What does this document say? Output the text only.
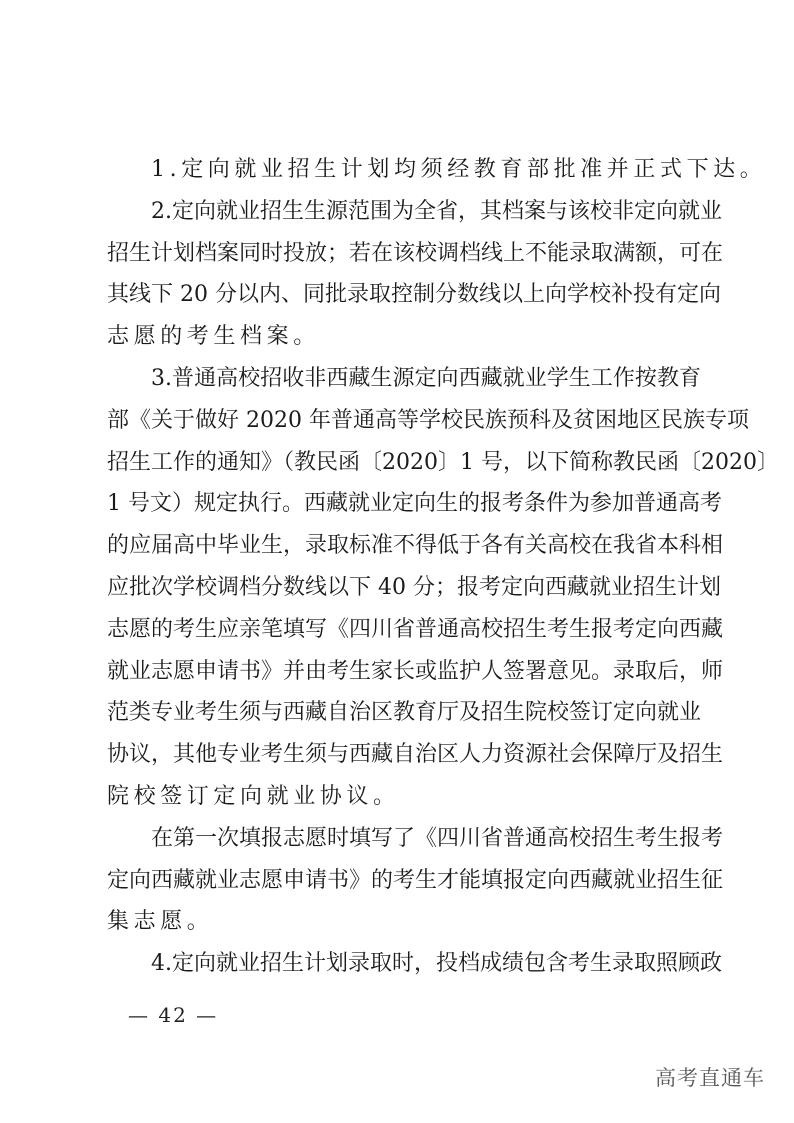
1.定向就业招生计划均须经教育部批准并正式下达。
2.定向就业招生生源范围为全省，其档案与该校非定向就业
招生计划档案同时投放；若在该校调档线上不能录取满额，可在
其线下 20 分以内、同批录取控制分数线以上向学校补投有定向
志愿的考生档案。
3.普通高校招收非西藏生源定向西藏就业学生工作按教育
部《关于做好 2020 年普通高等学校民族预科及贫困地区民族专项
招生工作的通知》（教民函〔2020〕1 号，以下简称教民函〔2020〕
1 号文）规定执行。西藏就业定向生的报考条件为参加普通高考
的应届高中毕业生，录取标准不得低于各有关高校在我省本科相
应批次学校调档分数线以下 40 分；报考定向西藏就业招生计划
志愿的考生应亲笔填写《四川省普通高校招生考生报考定向西藏
就业志愿申请书》并由考生家长或监护人签署意见。录取后，师
范类专业考生须与西藏自治区教育厅及招生院校签订定向就业
协议，其他专业考生须与西藏自治区人力资源社会保障厅及招生
院校签订定向就业协议。
在第一次填报志愿时填写了《四川省普通高校招生考生报考
定向西藏就业志愿申请书》的考生才能填报定向西藏就业招生征
集志愿。
4.定向就业招生计划录取时，投档成绩包含考生录取照顾政
— 42 —
高考直通车
